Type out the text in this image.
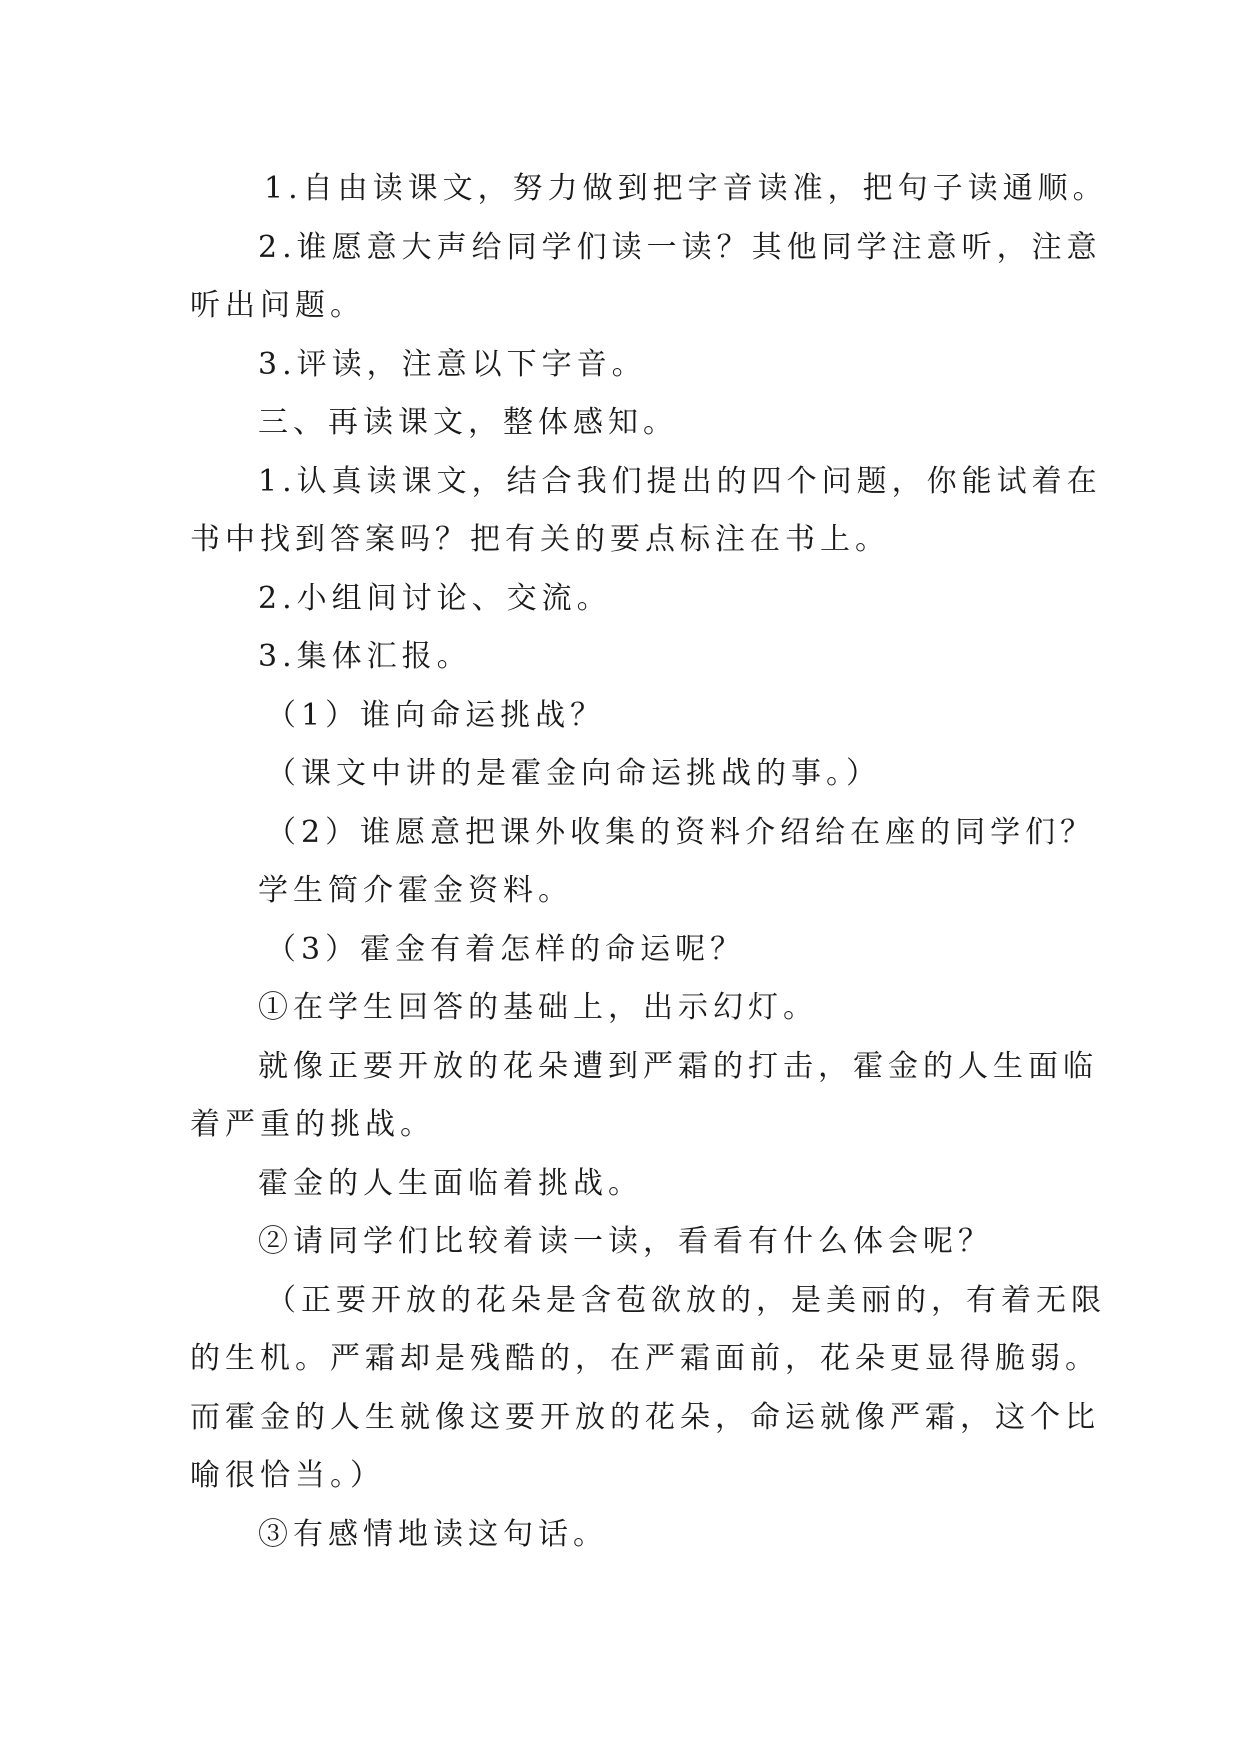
1.自由读课文，努力做到把字音读准，把句子读通顺。
2.谁愿意大声给同学们读一读？其他同学注意听，注意
听出问题。
3.评读，注意以下字音。
三、再读课文，整体感知。
1.认真读课文，结合我们提出的四个问题，你能试着在
书中找到答案吗？把有关的要点标注在书上。
2.小组间讨论、交流。
3.集体汇报。
（1）谁向命运挑战？
（课文中讲的是霍金向命运挑战的事。）
（2）谁愿意把课外收集的资料介绍给在座的同学们？
学生简介霍金资料。
（3）霍金有着怎样的命运呢？
①在学生回答的基础上，出示幻灯。
就像正要开放的花朵遭到严霜的打击，霍金的人生面临
着严重的挑战。
霍金的人生面临着挑战。
②请同学们比较着读一读，看看有什么体会呢？
（正要开放的花朵是含苞欲放的，是美丽的，有着无限
的生机。严霜却是残酷的，在严霜面前，花朵更显得脆弱。
而霍金的人生就像这要开放的花朵，命运就像严霜，这个比
喻很恰当。）
③有感情地读这句话。
